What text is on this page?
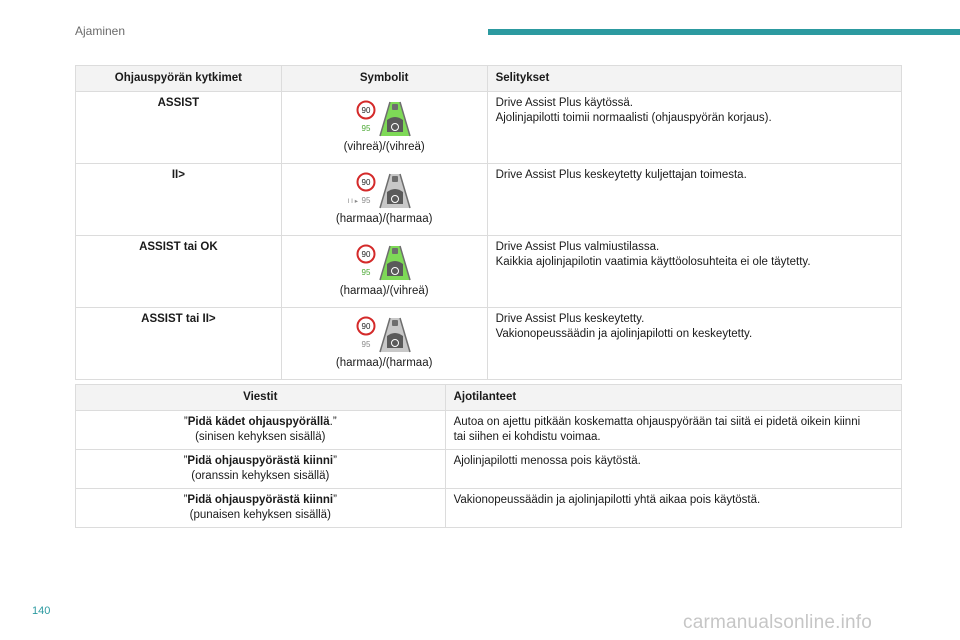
Ajaminen
Ohjauspyörän kytkimet	Symbolit	Selitykset
ASSIST	90
95
(vihreä)/(vihreä)	Drive Assist Plus käytössä.
Ajolinjapilotti toimii normaalisti (ohjauspyörän korjaus).

II>	90
I I ▸ 95
(harmaa)/(harmaa)	Drive Assist Plus keskeytetty kuljettajan toimesta.

ASSIST tai OK	90
95
(harmaa)/(vihreä)	Drive Assist Plus valmiustilassa.
Kaikkia ajolinjapilotin vaatimia käyttöolosuhteita ei ole täytetty.

ASSIST tai II>	90
95
(harmaa)/(harmaa)	Drive Assist Plus keskeytetty.
Vakionopeussäädin ja ajolinjapilotti on keskeytetty.
Viestit	Ajotilanteet

”Pidä kädet ohjauspyörällä.”
(sinisen kehyksen sisällä)	Autoa on ajettu pitkään koskematta ohjauspyörään tai siitä ei pidetä oikein kiinni
tai siihen ei kohdistu voimaa.

”Pidä ohjauspyörästä kiinni”
(oranssin kehyksen sisällä)	Ajolinjapilotti menossa pois käytöstä.

”Pidä ohjauspyörästä kiinni”
(punaisen kehyksen sisällä)	Vakionopeussäädin ja ajolinjapilotti yhtä aikaa pois käytöstä.
140
carmanualsonline.info
